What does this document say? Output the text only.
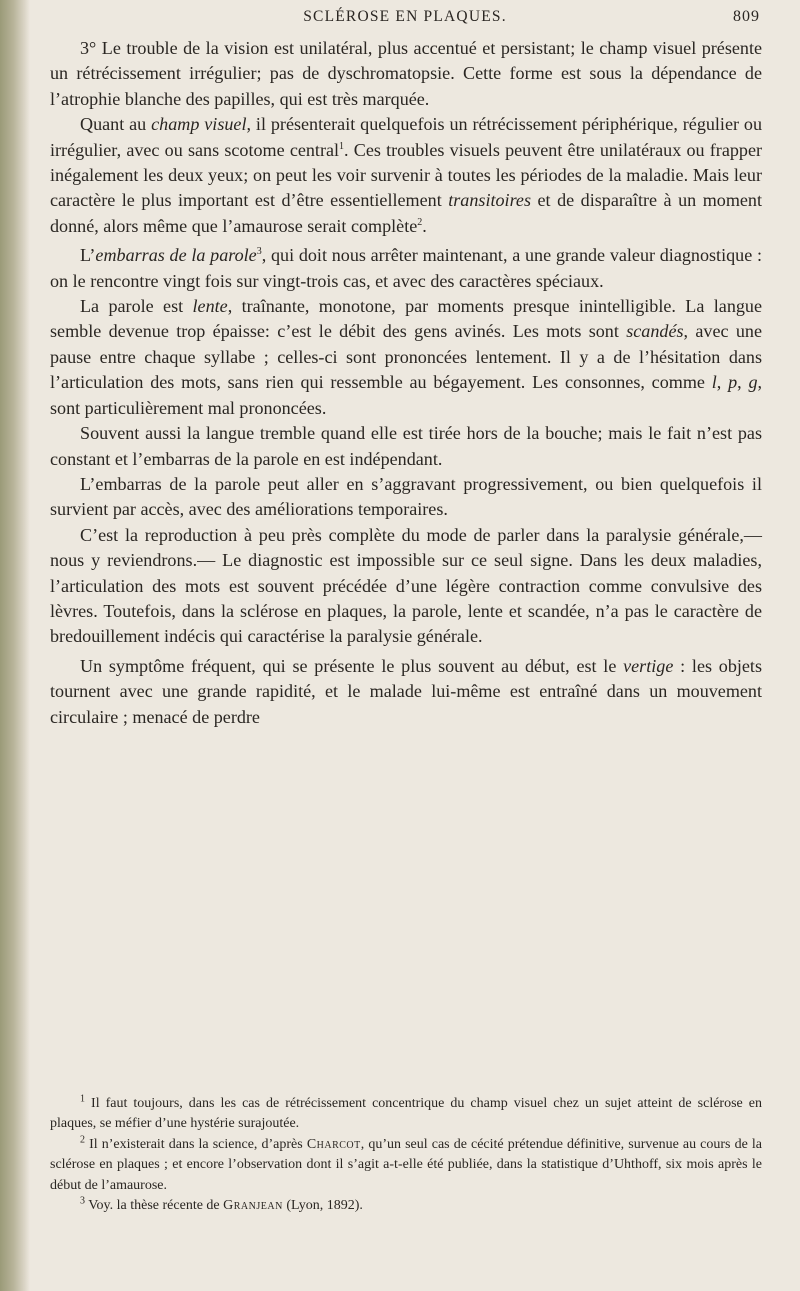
SCLÉROSE EN PLAQUES.	809

3° Le trouble de la vision est unilatéral, plus accentué et persistant; le champ visuel présente un rétrécissement irrégulier; pas de dyschromatopsie. Cette forme est sous la dépendance de l’atrophie blanche des papilles, qui est très marquée.

Quant au champ visuel, il présenterait quelquefois un rétrécissement périphérique, régulier ou irrégulier, avec ou sans scotome central$^1$. Ces troubles visuels peuvent être unilatéraux ou frapper inégalement les deux yeux; on peut les voir survenir à toutes les périodes de la maladie. Mais leur caractère le plus important est d’être essentiellement transitoires et de disparaître à un moment donné, alors même que l’amaurose serait complète$^2$.

L’embarras de la parole$^3$, qui doit nous arrêter maintenant, a une grande valeur diagnostique : on le rencontre vingt fois sur vingt-trois cas, et avec des caractères spéciaux.

La parole est lente, traînante, monotone, par moments presque inintelligible. La langue semble devenue trop épaisse: c’est le débit des gens avinés. Les mots sont scandés, avec une pause entre chaque syllabe ; celles-ci sont prononcées lentement. Il y a de l’hésitation dans l’articulation des mots, sans rien qui ressemble au bégayement. Les consonnes, comme l, p, g, sont particulièrement mal prononcées.

Souvent aussi la langue tremble quand elle est tirée hors de la bouche; mais le fait n’est pas constant et l’embarras de la parole en est indépendant.

L’embarras de la parole peut aller en s’aggravant progressivement, ou bien quelquefois il survient par accès, avec des améliorations temporaires.

C’est la reproduction à peu près complète du mode de parler dans la paralysie générale,— nous y reviendrons.— Le diagnostic est impossible sur ce seul signe. Dans les deux maladies, l’articulation des mots est souvent précédée d’une légère contraction comme convulsive des lèvres. Toutefois, dans la sclérose en plaques, la parole, lente et scandée, n’a pas le caractère de bredouillement indécis qui caractérise la paralysie générale.

Un symptôme fréquent, qui se présente le plus souvent au début, est le vertige : les objets tournent avec une grande rapidité, et le malade lui-même est entraîné dans un mouvement circulaire ; menacé de perdre

$^1$ Il faut toujours, dans les cas de rétrécissement concentrique du champ visuel chez un sujet atteint de sclérose en plaques, se méfier d’une hystérie surajoutée.

$^2$ Il n’existerait dans la science, d’après Charcot, qu’un seul cas de cécité prétendue définitive, survenue au cours de la sclérose en plaques ; et encore l’observation dont il s’agit a-t-elle été publiée, dans la statistique d’Uhthoff, six mois après le début de l’amaurose.

$^3$ Voy. la thèse récente de Granjean (Lyon, 1892).
